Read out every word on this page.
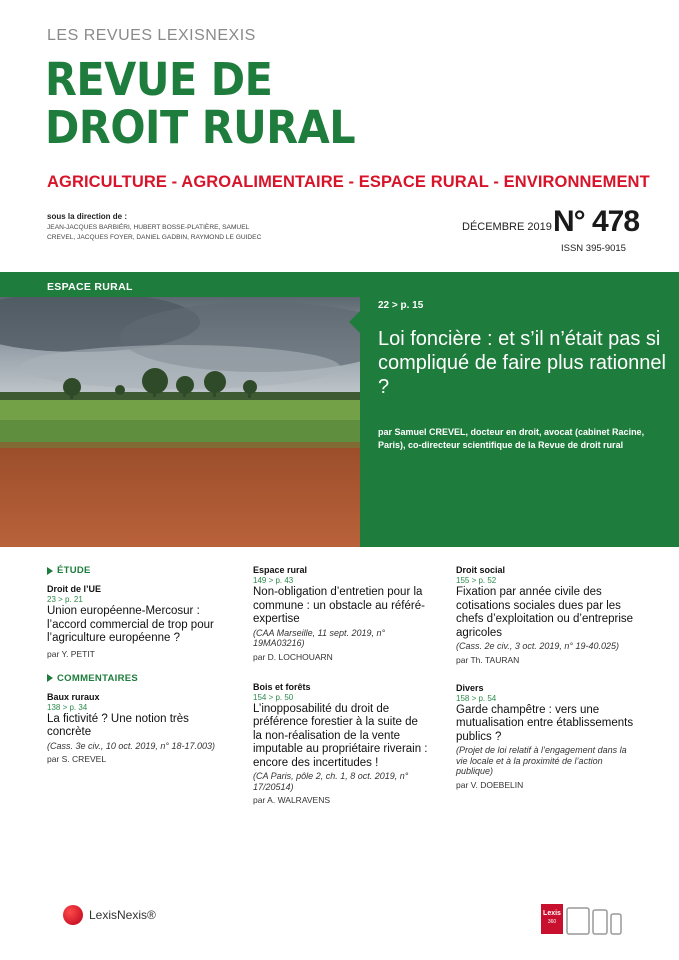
LES REVUES LEXISNEXIS
REVUE DE
DROIT RURAL
AGRICULTURE - AGROALIMENTAIRE - ESPACE RURAL - ENVIRONNEMENT
sous la direction de :
JEAN-JACQUES BARBIÉRI, HUBERT BOSSE-PLATIÈRE, SAMUEL CREVEL, JACQUES FOYER, DANIEL GADBIN, RAYMOND LE GUIDEC
DÉCEMBRE 2019 -
N° 478
ISSN 395-9015
ESPACE RURAL
22 > p. 15
Loi foncière : et s’il n’était pas si compliqué de faire plus rationnel ?
par Samuel CREVEL, docteur en droit, avocat (cabinet Racine, Paris), co-directeur scientifique de la Revue de droit rural
ÉTUDE
Droit de l’UE
23 > p. 21
Union européenne-Mercosur : l’accord commercial de trop pour l’agriculture européenne ?
par Y. PETIT
COMMENTAIRES
Baux ruraux
138 > p. 34
La fictivité ? Une notion très concrète
(Cass. 3e civ., 10 oct. 2019, n° 18-17.003)
par S. CREVEL
Espace rural
149 > p. 43
Non-obligation d’entretien pour la commune : un obstacle au référé-expertise
(CAA Marseille, 11 sept. 2019, n° 19MA03216)
par D. LOCHOUARN
Bois et forêts
154 > p. 50
L’inopposabilité du droit de préférence forestier à la suite de la non-réalisation de la vente imputable au propriétaire riverain : encore des incertitudes !
(CA Paris, pôle 2, ch. 1, 8 oct. 2019, n° 17/20514)
par A. WALRAVENS
Droit social
155 > p. 52
Fixation par année civile des cotisations sociales dues par les chefs d’exploitation ou d’entreprise agricoles
(Cass. 2e civ., 3 oct. 2019, n° 19-40.025)
par Th. TAURAN
Divers
158 > p. 54
Garde champêtre : vers une mutualisation entre établissements publics ?
(Projet de loi relatif à l’engagement dans la vie locale et à la proximité de l’action publique)
par V. DOEBELIN
LexisNexis®	Lexis
360
